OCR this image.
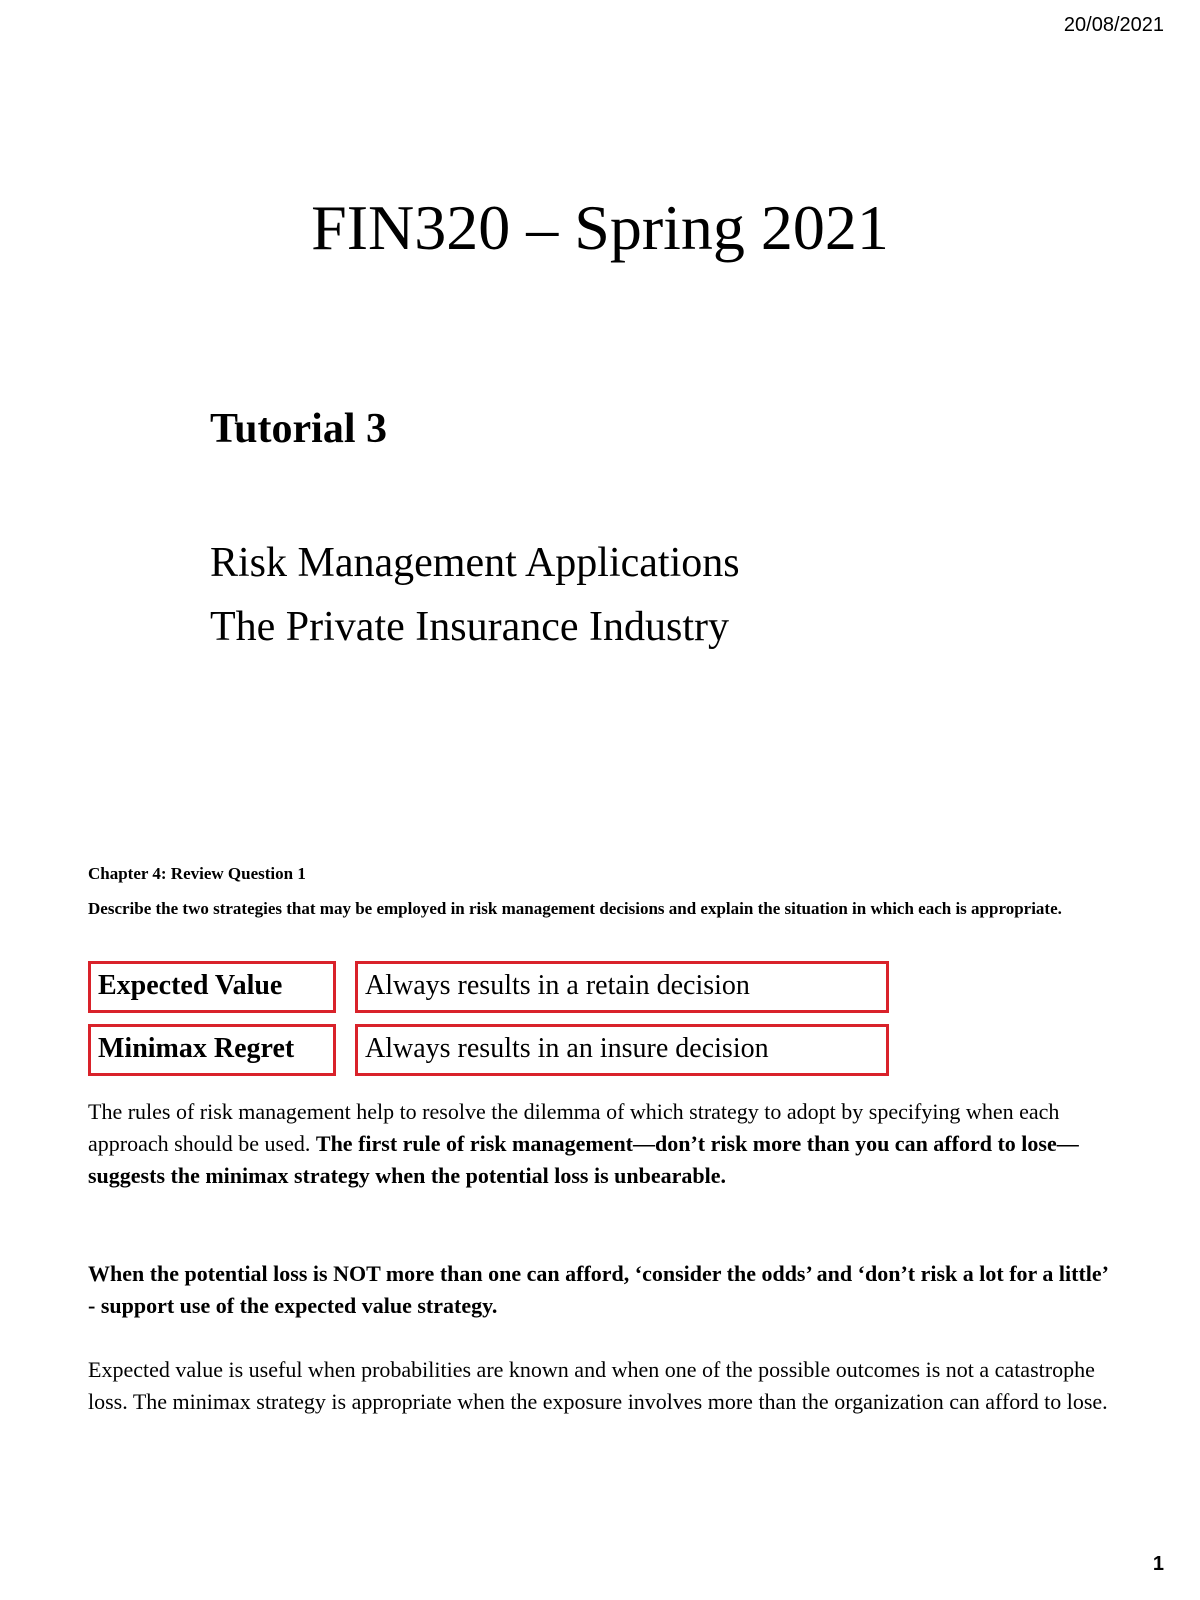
20/08/2021
FIN320 – Spring 2021
Tutorial 3
Risk Management Applications
The Private Insurance Industry
Chapter 4: Review Question 1
Describe the two strategies that may be employed in risk management decisions and explain the situation in which each is appropriate.
Expected Value	Always results in a retain decision
Minimax Regret	Always results in an insure decision
The rules of risk management help to resolve the dilemma of which strategy to adopt by specifying when each approach should be used. The first rule of risk management—don’t risk more than you can afford to lose—suggests the minimax strategy when the potential loss is unbearable.
When the potential loss is NOT more than one can afford, ‘consider the odds’ and ‘don’t risk a lot for a little’ - support use of the expected value strategy.
Expected value is useful when probabilities are known and when one of the possible outcomes is not a catastrophe loss. The minimax strategy is appropriate when the exposure involves more than the organization can afford to lose.
1
